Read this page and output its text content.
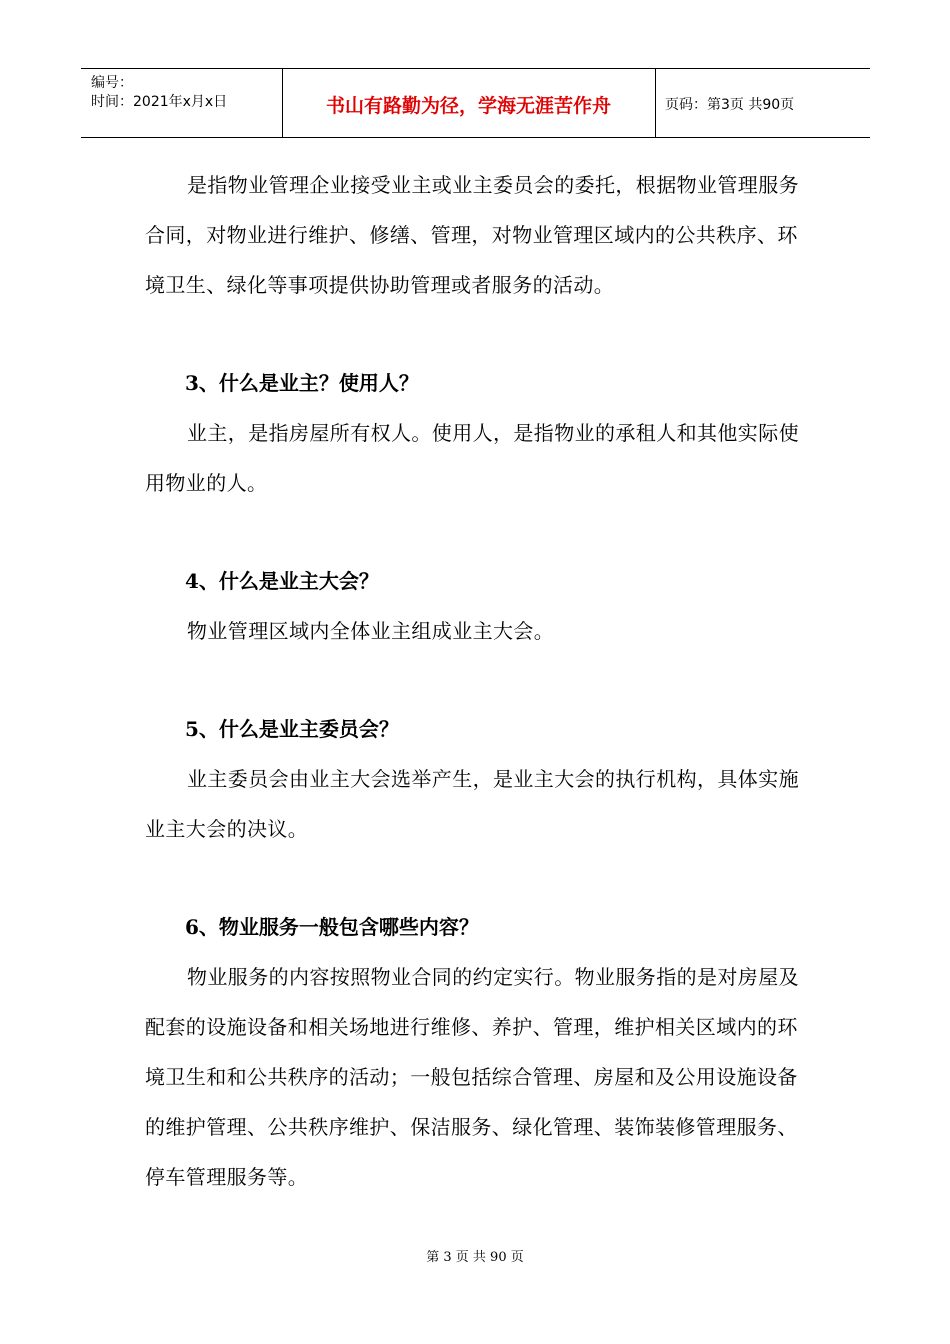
编号：
时间：2021年x月x日	书山有路勤为径，学海无涯苦作舟	页码：第3页 共90页

是指物业管理企业接受业主或业主委员会的委托，根据物业管理服务合同，对物业进行维护、修缮、管理，对物业管理区域内的公共秩序、环境卫生、绿化等事项提供协助管理或者服务的活动。

3、什么是业主？使用人？

业主，是指房屋所有权人。使用人，是指物业的承租人和其他实际使用物业的人。

4、什么是业主大会？

物业管理区域内全体业主组成业主大会。

5、什么是业主委员会？

业主委员会由业主大会选举产生，是业主大会的执行机构，具体实施业主大会的决议。

6、物业服务一般包含哪些内容？

物业服务的内容按照物业合同的约定实行。物业服务指的是对房屋及配套的设施设备和相关场地进行维修、养护、管理，维护相关区域内的环境卫生和和公共秩序的活动；一般包括综合管理、房屋和及公用设施设备的维护管理、公共秩序维护、保洁服务、绿化管理、装饰装修管理服务、停车管理服务等。

第 3 页 共 90 页
